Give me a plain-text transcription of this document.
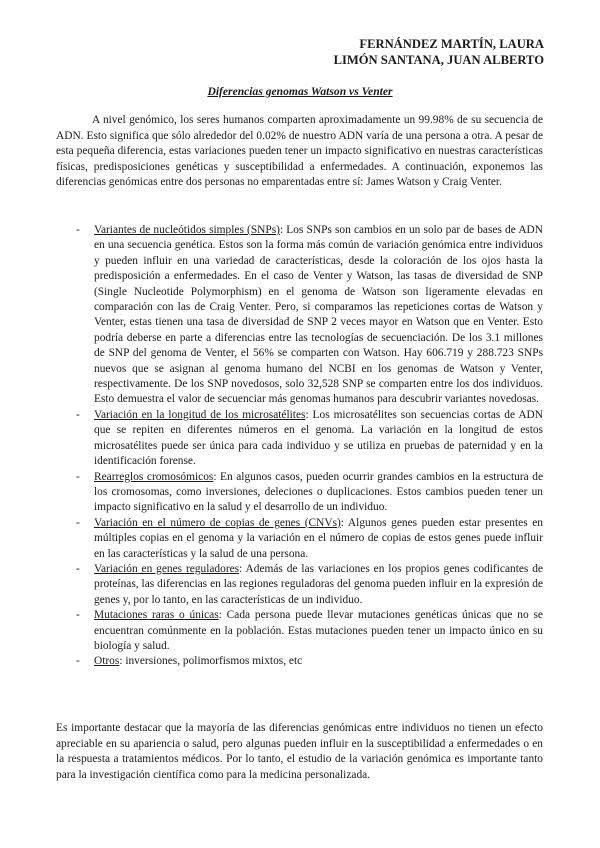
FERNÁNDEZ MARTÍN, LAURA
LIMÓN SANTANA, JUAN ALBERTO
Diferencias genomas Watson vs Venter

A nivel genómico, los seres humanos comparten aproximadamente un 99.98% de su secuencia de ADN. Esto significa que sólo alrededor del 0.02% de nuestro ADN varía de una persona a otra. A pesar de esta pequeña diferencia, estas variaciones pueden tener un impacto significativo en nuestras características físicas, predisposiciones genéticas y susceptibilidad a enfermedades. A continuación, exponemos las diferencias genómicas entre dos personas no emparentadas entre sí: James Watson y Craig Venter.

- Variantes de nucleótidos simples (SNPs): Los SNPs son cambios en un solo par de bases de ADN en una secuencia genética. Estos son la forma más común de variación genómica entre individuos y pueden influir en una variedad de características, desde la coloración de los ojos hasta la predisposición a enfermedades. En el caso de Venter y Watson, las tasas de diversidad de SNP (Single Nucleotide Polymorphism) en el genoma de Watson son ligeramente elevadas en comparación con las de Craig Venter. Pero, si comparamos las repeticiones cortas de Watson y Venter, estas tienen una tasa de diversidad de SNP 2 veces mayor en Watson que en Venter. Esto podría deberse en parte a diferencias entre las tecnologías de secuenciación. De los 3.1 millones de SNP del genoma de Venter, el 56% se comparten con Watson. Hay 606.719 y 288.723 SNPs nuevos que se asignan al genoma humano del NCBI en los genomas de Watson y Venter, respectivamente. De los SNP novedosos, solo 32,528 SNP se comparten entre los dos individuos. Esto demuestra el valor de secuenciar más genomas humanos para descubrir variantes novedosas.
- Variación en la longitud de los microsatélites: Los microsatélites son secuencias cortas de ADN que se repiten en diferentes números en el genoma. La variación en la longitud de estos microsatélites puede ser única para cada individuo y se utiliza en pruebas de paternidad y en la identificación forense.
- Rearreglos cromosómicos: En algunos casos, pueden ocurrir grandes cambios en la estructura de los cromosomas, como inversiones, deleciones o duplicaciones. Estos cambios pueden tener un impacto significativo en la salud y el desarrollo de un individuo.
- Variación en el número de copias de genes (CNVs): Algunos genes pueden estar presentes en múltiples copias en el genoma y la variación en el número de copias de estos genes puede influir en las características y la salud de una persona.
- Variación en genes reguladores: Además de las variaciones en los propios genes codificantes de proteínas, las diferencias en las regiones reguladoras del genoma pueden influir en la expresión de genes y, por lo tanto, en las características de un individuo.
- Mutaciones raras o únicas: Cada persona puede llevar mutaciones genéticas únicas que no se encuentran comúnmente en la población. Estas mutaciones pueden tener un impacto único en su biología y salud.
- Otros: inversiones, polimorfismos mixtos, etc

Es importante destacar que la mayoría de las diferencias genómicas entre individuos no tienen un efecto apreciable en su apariencia o salud, pero algunas pueden influir en la susceptibilidad a enfermedades o en la respuesta a tratamientos médicos. Por lo tanto, el estudio de la variación genómica es importante tanto para la investigación científica como para la medicina personalizada.
